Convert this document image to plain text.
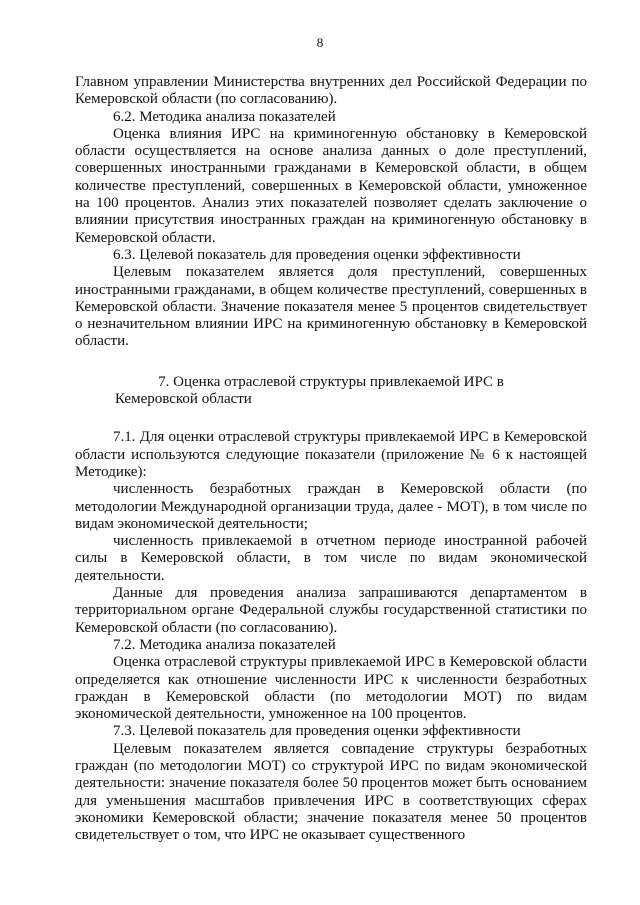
8

Главном управлении Министерства внутренних дел Российской Федерации по Кемеровской области (по согласованию).

6.2. Методика анализа показателей

Оценка влияния ИРС на криминогенную обстановку в Кемеровской области осуществляется на основе анализа данных о доле преступлений, совершенных иностранными гражданами в Кемеровской области, в общем количестве преступлений, совершенных в Кемеровской области, умноженное на 100 процентов. Анализ этих показателей позволяет сделать заключение о влиянии присутствия иностранных граждан на криминогенную обстановку в Кемеровской области.

6.3. Целевой показатель для проведения оценки эффективности

Целевым показателем является доля преступлений, совершенных иностранными гражданами, в общем количестве преступлений, совершенных в Кемеровской области. Значение показателя менее 5 процентов свидетельствует о незначительном влиянии ИРС на криминогенную обстановку в Кемеровской области.

7. Оценка отраслевой структуры привлекаемой ИРС в Кемеровской области

7.1. Для оценки отраслевой структуры привлекаемой ИРС в Кемеровской области используются следующие показатели (приложение № 6 к настоящей Методике):

численность безработных граждан в Кемеровской области (по методологии Международной организации труда, далее - МОТ), в том числе по видам экономической деятельности;

численность привлекаемой в отчетном периоде иностранной рабочей силы в Кемеровской области, в том числе по видам экономической деятельности.

Данные для проведения анализа запрашиваются департаментом в территориальном органе Федеральной службы государственной статистики по Кемеровской области (по согласованию).

7.2. Методика анализа показателей

Оценка отраслевой структуры привлекаемой ИРС в Кемеровской области определяется как отношение численности ИРС к численности безработных граждан в Кемеровской области (по методологии МОТ) по видам экономической деятельности, умноженное на 100 процентов.

7.3. Целевой показатель для проведения оценки эффективности

Целевым показателем является совпадение структуры безработных граждан (по методологии МОТ) со структурой ИРС по видам экономической деятельности: значение показателя более 50 процентов может быть основанием для уменьшения масштабов привлечения ИРС в соответствующих сферах экономики Кемеровской области; значение показателя менее 50 процентов свидетельствует о том, что ИРС не оказывает существенного
